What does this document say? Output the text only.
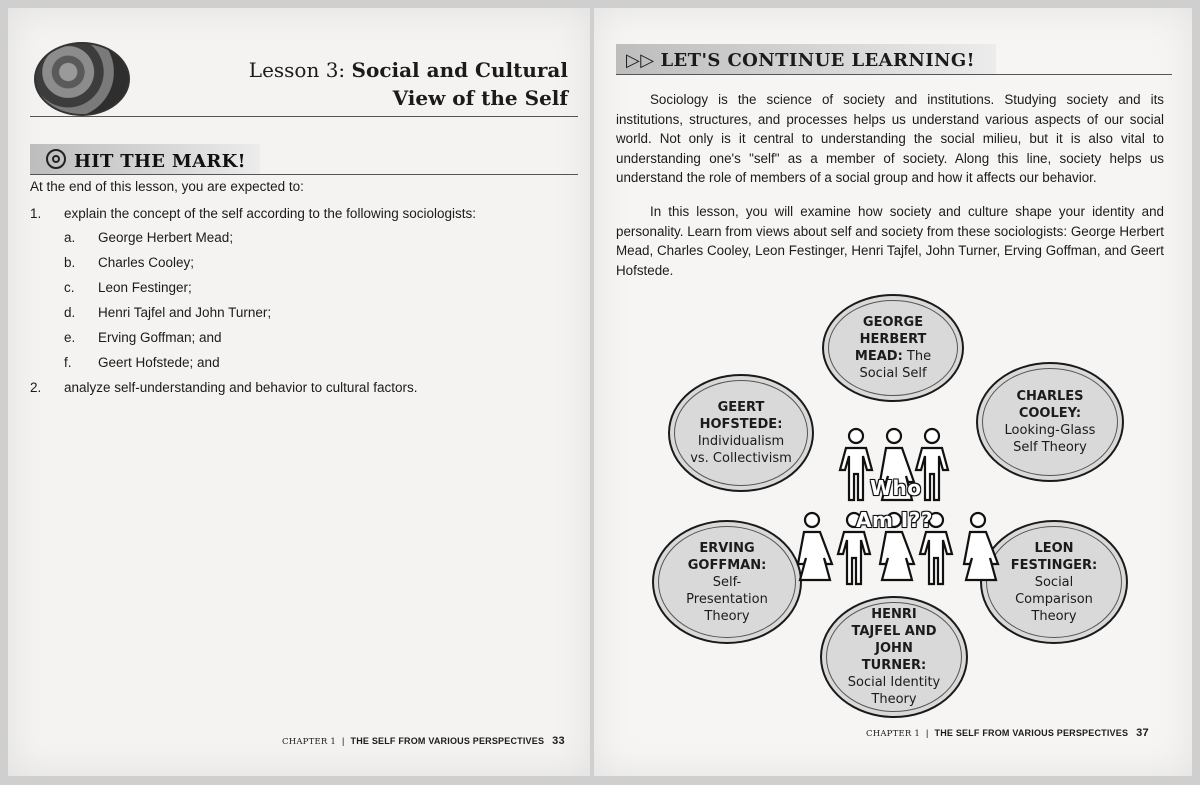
Lesson 3: Social and Cultural
View of the Self
HIT THE MARK!
At the end of this lesson, you are expected to:
1.	explain the concept of the self according to the following sociologists:
a. George Herbert Mead;
b. Charles Cooley;
c. Leon Festinger;
d. Henri Tajfel and John Turner;
e. Erving Goffman; and
f. Geert Hofstede; and
2.	analyze self-understanding and behavior to cultural factors.
CHAPTER 1 | THE SELF FROM VARIOUS PERSPECTIVES 33
▷▷ LET'S CONTINUE LEARNING!
Sociology is the science of society and institutions. Studying society and its institutions, structures, and processes helps us understand various aspects of our social world. Not only is it central to understanding the social milieu, but it is also vital to understanding one's "self" as a member of society. Along this line, society helps us understand the role of members of a social group and how it affects our behavior.
In this lesson, you will examine how society and culture shape your identity and personality. Learn from views about self and society from these sociologists: George Herbert Mead, Charles Cooley, Leon Festinger, Henri Tajfel, John Turner, Erving Goffman, and Geert Hofstede.
GEORGE
HERBERT
MEAD: The
Social Self
CHARLES
COOLEY:
Looking-Glass
Self Theory
GEERT
HOFSTEDE:
Individualism
vs. Collectivism
ERVING
GOFFMAN:
Self-
Presentation
Theory
LEON
FESTINGER:
Social
Comparison
Theory
HENRI
TAJFEL AND
JOHN
TURNER:
Social Identity
Theory
Who
Am I??
CHAPTER 1 | THE SELF FROM VARIOUS PERSPECTIVES 37
